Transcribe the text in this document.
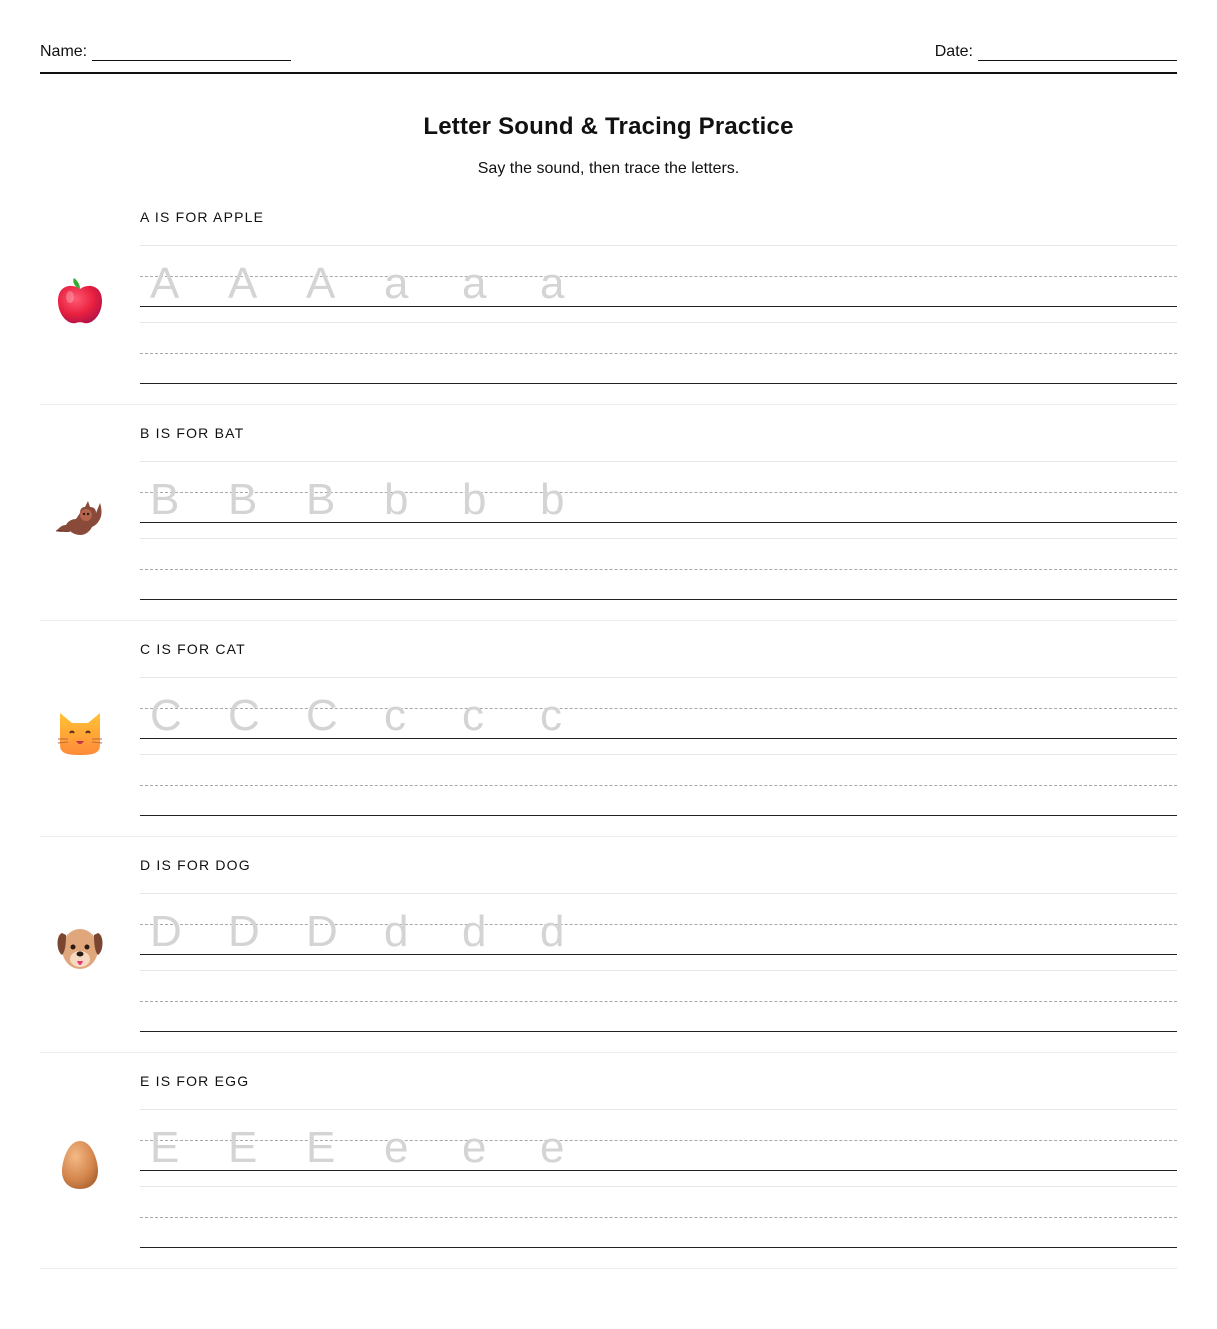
Name:	Date:
Letter Sound & Tracing Practice
Say the sound, then trace the letters.
A IS FOR APPLE
A	A	A	a	a	a
B IS FOR BAT
B	B	B	b	b	b
C IS FOR CAT
C	C	C	c	c	c
D IS FOR DOG
D	D	D	d	d	d
E IS FOR EGG
E	E	E	e	e	e
